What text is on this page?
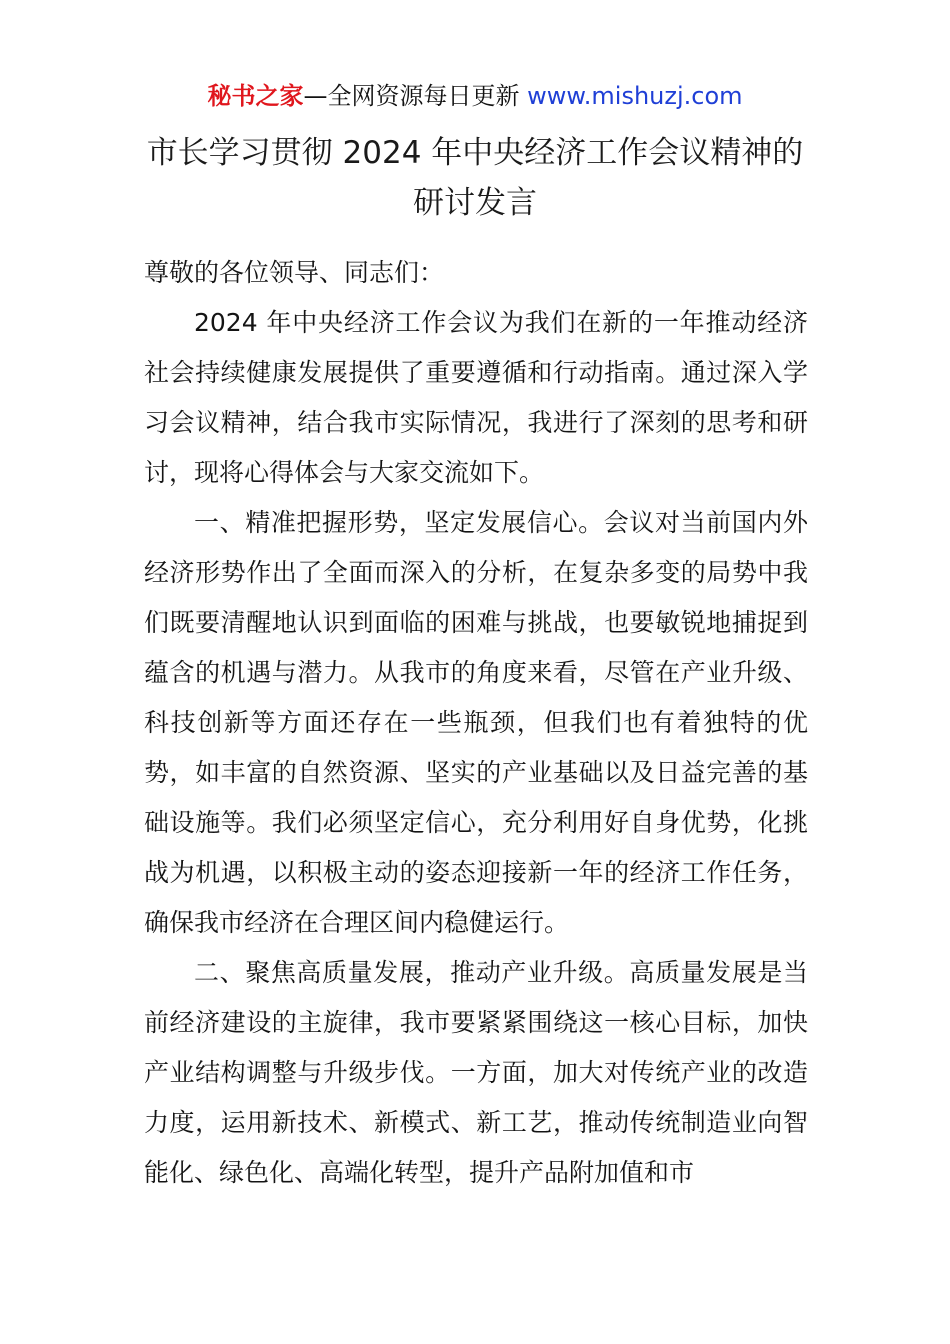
秘书之家—全网资源每日更新 www.mishuzj.com
市长学习贯彻 2024 年中央经济工作会议精神的
研讨发言

尊敬的各位领导、同志们：

2024 年中央经济工作会议为我们在新的一年推动经济社会持续健康发展提供了重要遵循和行动指南。通过深入学习会议精神，结合我市实际情况，我进行了深刻的思考和研讨，现将心得体会与大家交流如下。

一、精准把握形势，坚定发展信心。会议对当前国内外经济形势作出了全面而深入的分析，在复杂多变的局势中我们既要清醒地认识到面临的困难与挑战，也要敏锐地捕捉到蕴含的机遇与潜力。从我市的角度来看，尽管在产业升级、科技创新等方面还存在一些瓶颈，但我们也有着独特的优势，如丰富的自然资源、坚实的产业基础以及日益完善的基础设施等。我们必须坚定信心，充分利用好自身优势，化挑战为机遇，以积极主动的姿态迎接新一年的经济工作任务，确保我市经济在合理区间内稳健运行。

二、聚焦高质量发展，推动产业升级。高质量发展是当前经济建设的主旋律，我市要紧紧围绕这一核心目标，加快产业结构调整与升级步伐。一方面，加大对传统产业的改造力度，运用新技术、新模式、新工艺，推动传统制造业向智能化、绿色化、高端化转型，提升产品附加值和市
